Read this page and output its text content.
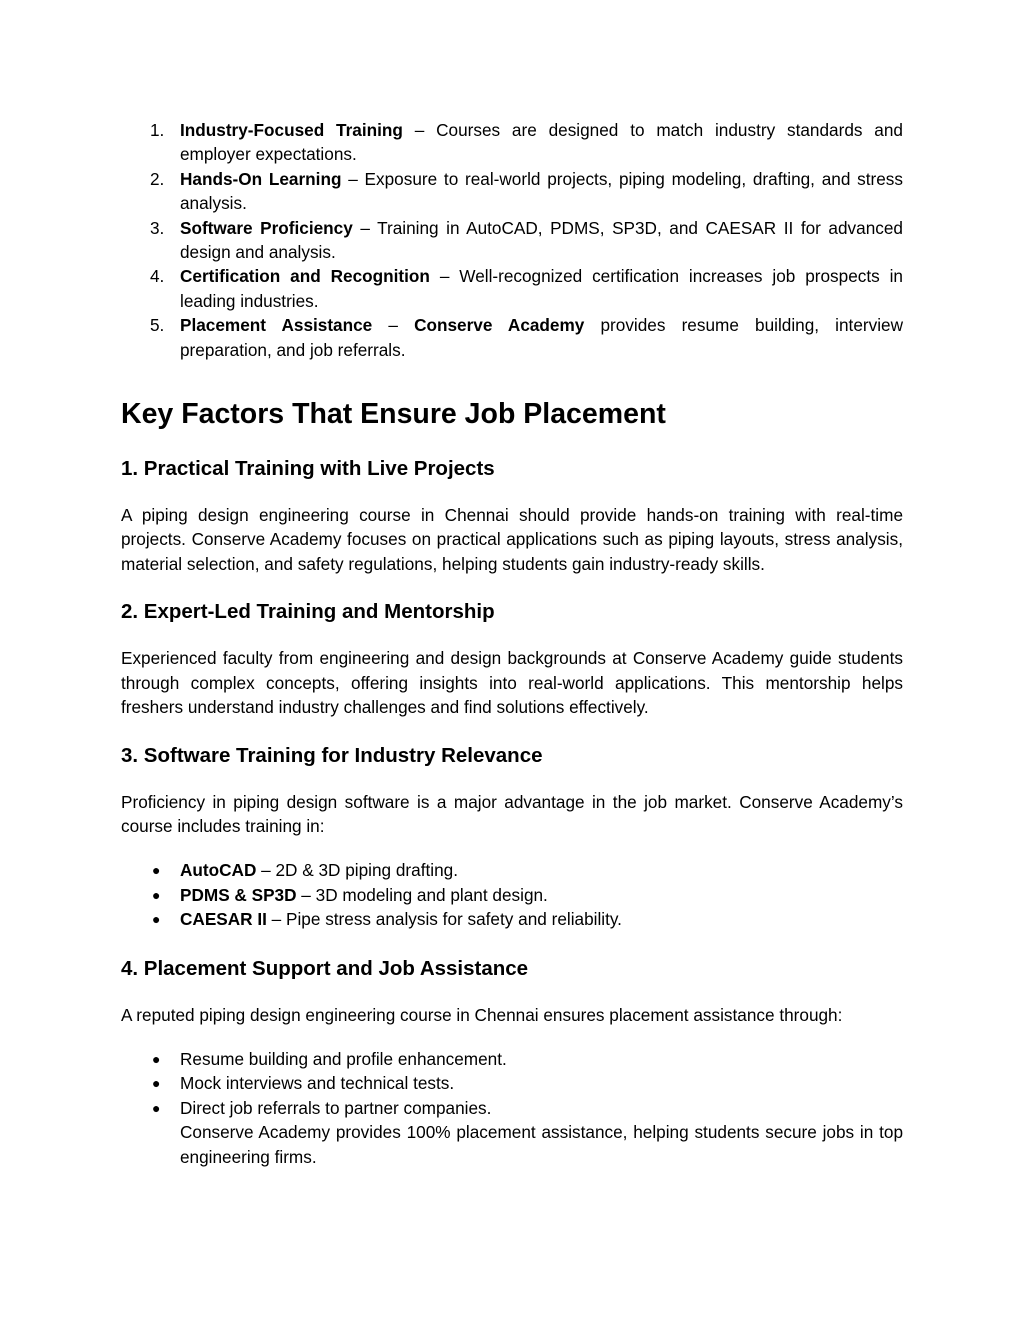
1. Industry-Focused Training – Courses are designed to match industry standards and employer expectations.
2. Hands-On Learning – Exposure to real-world projects, piping modeling, drafting, and stress analysis.
3. Software Proficiency – Training in AutoCAD, PDMS, SP3D, and CAESAR II for advanced design and analysis.
4. Certification and Recognition – Well-recognized certification increases job prospects in leading industries.
5. Placement Assistance – Conserve Academy provides resume building, interview preparation, and job referrals.
Key Factors That Ensure Job Placement
1. Practical Training with Live Projects

A piping design engineering course in Chennai should provide hands-on training with real-time projects. Conserve Academy focuses on practical applications such as piping layouts, stress analysis, material selection, and safety regulations, helping students gain industry-ready skills.

2. Expert-Led Training and Mentorship

Experienced faculty from engineering and design backgrounds at Conserve Academy guide students through complex concepts, offering insights into real-world applications. This mentorship helps freshers understand industry challenges and find solutions effectively.

3. Software Training for Industry Relevance

Proficiency in piping design software is a major advantage in the job market. Conserve Academy’s course includes training in:

● AutoCAD – 2D & 3D piping drafting.
● PDMS & SP3D – 3D modeling and plant design.
● CAESAR II – Pipe stress analysis for safety and reliability.
4. Placement Support and Job Assistance

A reputed piping design engineering course in Chennai ensures placement assistance through:

● Resume building and profile enhancement.
● Mock interviews and technical tests.
● Direct job referrals to partner companies.
Conserve Academy provides 100% placement assistance, helping students secure jobs in top engineering firms.
